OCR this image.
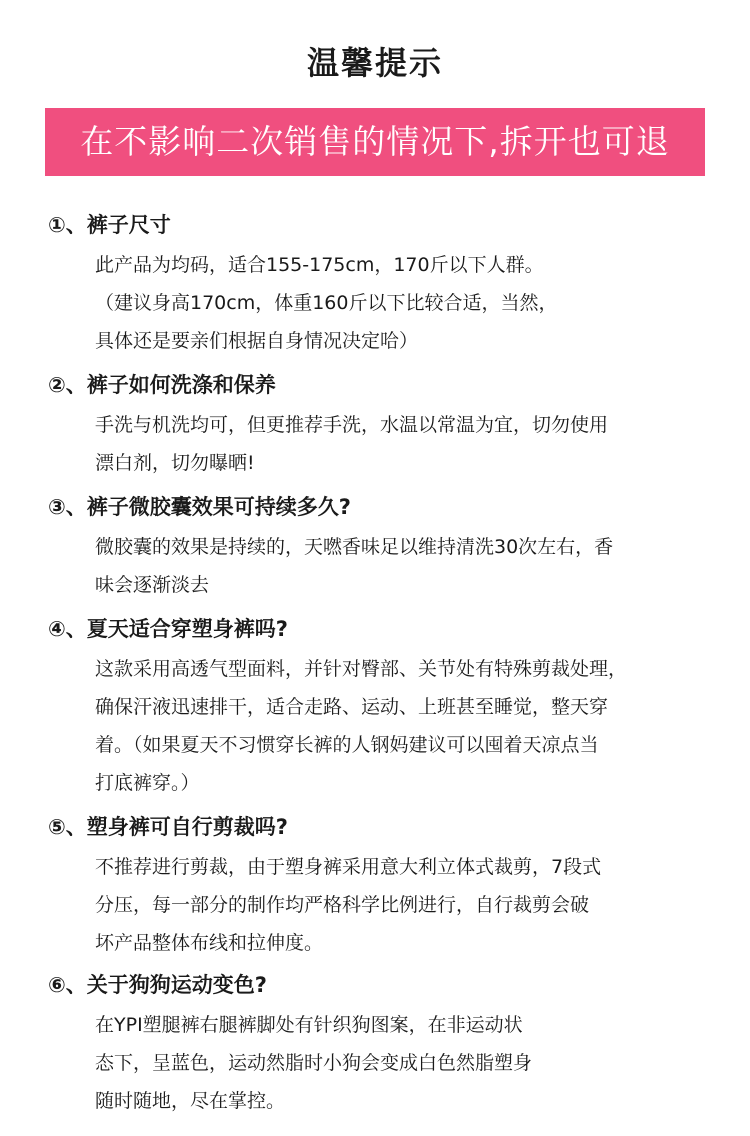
温馨提示
在不影响二次销售的情况下,拆开也可退
①、裤子尺寸
此产品为均码，适合155-175cm，170斤以下人群。
（建议身高170cm，体重160斤以下比较合适，当然，
具体还是要亲们根据自身情况决定哈）
②、裤子如何洗涤和保养
手洗与机洗均可，但更推荐手洗，水温以常温为宜，切勿使用
漂白剂，切勿曝晒!
③、裤子微胶囊效果可持续多久?
微胶囊的效果是持续的，天嘫香味足以维持清洗30次左右，香
味会逐渐淡去
④、夏天适合穿塑身裤吗?
这款采用高透气型面料，并针对臀部、关节处有特殊剪裁处理，
确保汗液迅速排干，适合走路、运动、上班甚至睡觉，整天穿
着。（如果夏天不习惯穿长裤的人钢妈建议可以囤着天凉点当
打底裤穿。）
⑤、塑身裤可自行剪裁吗?
不推荐进行剪裁，由于塑身裤采用意大利立体式裁剪，7段式
分压，每一部分的制作均严格科学比例进行，自行裁剪会破
坏产品整体布线和拉伸度。
⑥、关于狗狗运动变色?
在YPI塑腿裤右腿裤脚处有针织狗图案，在非运动状
态下，呈蓝色，运动然脂时小狗会变成白色然脂塑身
随时随地，尽在掌控。
